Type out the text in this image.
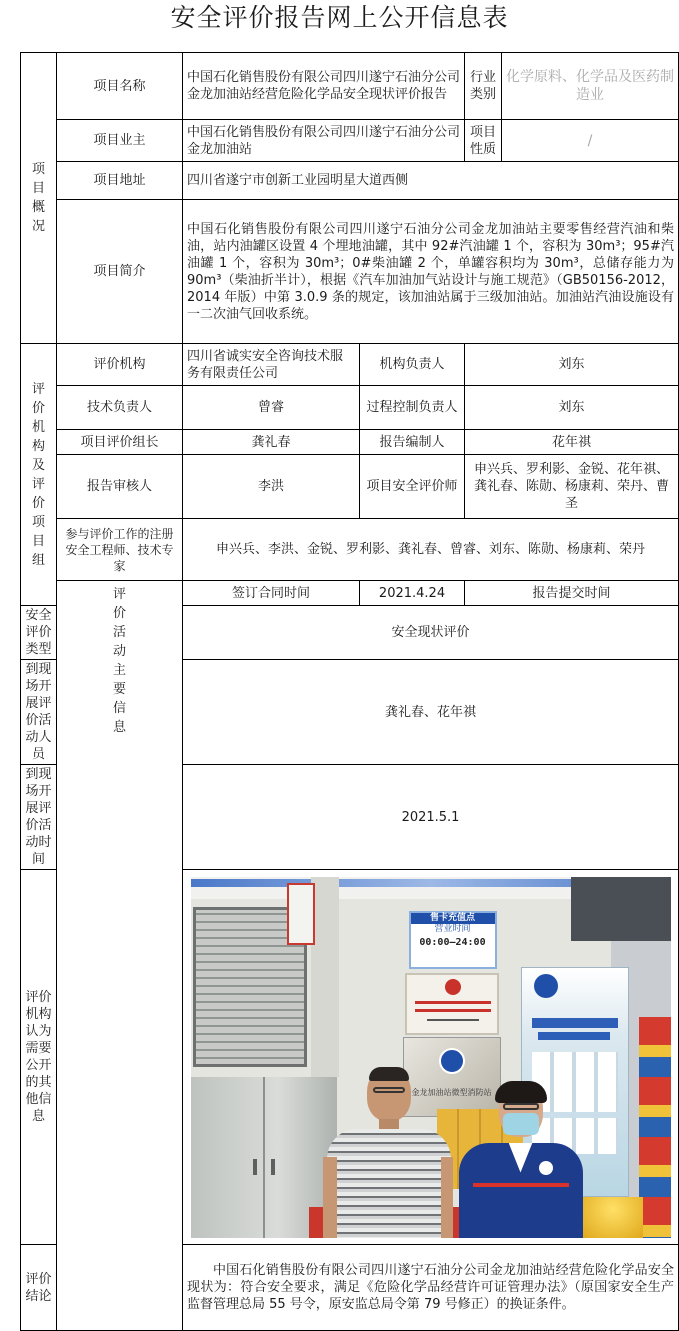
安全评价报告网上公开信息表
项目概况	项目名称	中国石化销售股份有限公司四川遂宁石油分公司金龙加油站经营危险化学品安全现状评价报告		行业类别	化学原料、化学品及医药制造业	
	项目业主	中国石化销售股份有限公司四川遂宁石油分公司金龙加油站		项目性质	/	
	项目地址	四川省遂宁市创新工业园明星大道西侧				
	项目简介	中国石化销售股份有限公司四川遂宁石油分公司金龙加油站主要零售经营汽油和柴油，站内油罐区设置 4 个埋地油罐，其中 92#汽油罐 1 个，容积为 30m³；95#汽油罐 1 个，容积为 30m³；0#柴油罐 2 个，单罐容积均为 30m³，总储存能力为 90m³（柴油折半计），根据《汽车加油加气站设计与施工规范》（GB50156-2012，2014 年版）中第 3.0.9 条的规定，该加油站属于三级加油站。加油站汽油设施设有一二次油气回收系统。				
评价机构及评价项目组	评价机构	四川省诚实安全咨询技术服务有限责任公司	机构负责人	刘东		
	技术负责人	曾睿	过程控制负责人	刘东		
	项目评价组长	龚礼春	报告编制人	花年祺		
	报告审核人	李洪	项目安全评价师	申兴兵、罗利影、金锐、花年祺、龚礼春、陈勋、杨康莉、荣丹、曹圣		
	参与评价工作的注册安全工程师、技术专家	申兴兵、李洪、金锐、罗利影、龚礼春、曾睿、刘东、陈勋、杨康莉、荣丹				
	评价活动主要信息	签订合同时间	2021.4.24	报告提交时间	
安全评价类型		安全现状评价				
到现场开展评价活动人员		龚礼春、花年祺				
到现场开展评价活动时间		2021.5.1				
评价机构认为需要公开的其他信息		售卡充值点
营业时间
00:00—24:00
金龙加油站微型消防站				

评价结论		中国石化销售股份有限公司四川遂宁石油分公司金龙加油站经营危险化学品安全现状为：符合安全要求，满足《危险化学品经营许可证管理办法》（原国家安全生产监督管理总局 55 号令，原安监总局令第 79 号修正）的换证条件。				
